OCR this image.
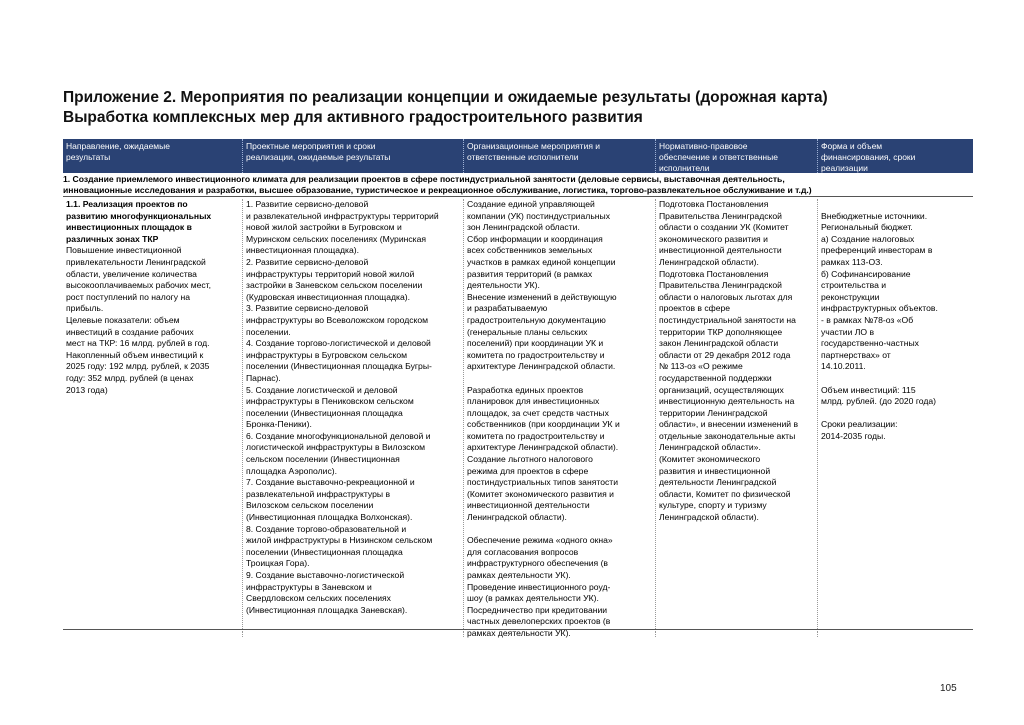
Приложение 2. Мероприятия по реализации концепции и ожидаемые результаты (дорожная карта)
Выработка комплексных мер для активного градостроительного развития
Направление, ожидаемые
результаты
Проектные мероприятия и сроки
реализации, ожидаемые результаты
Организационные мероприятия и
ответственные исполнители
Нормативно-правовое
обеспечение и ответственные
исполнители
Форма и объем
финансирования, сроки
реализации
1. Создание приемлемого инвестиционного климата для реализации проектов в сфере постиндустриальной занятости (деловые сервисы, выставочная деятельность,
инновационные исследования и разработки, высшее образование, туристическое и рекреационное обслуживание, логистика, торгово-развлекательное обслуживание и т.д.)
1.1. Реализация проектов по
развитию многофункциональных
инвестиционных площадок в
различных зонах ТКР
Повышение инвестиционной
привлекательности Ленинградской
области, увеличение количества
высокооплачиваемых рабочих мест,
рост поступлений по налогу на
прибыль.
Целевые показатели: объем
инвестиций в создание рабочих
мест на ТКР: 16 млрд. рублей в год.
Накопленный объем инвестиций к
2025 году: 192 млрд. рублей, к 2035
году: 352 млрд. рублей (в ценах
2013 года)
1. Развитие сервисно-деловой
и развлекательной инфраструктуры территорий
новой жилой застройки в Бугровском и
Муринском сельских поселениях (Муринская
инвестиционная площадка).
2. Развитие сервисно-деловой
инфраструктуры территорий новой жилой
застройки в Заневском сельском поселении
(Кудровская инвестиционная площадка).
3. Развитие сервисно-деловой
инфраструктуры во Всеволожском городском
поселении.
4. Создание торгово-логистической и деловой
инфраструктуры в Бугровском сельском
поселении (Инвестиционная площадка Бугры-
Парнас).
5. Создание логистической и деловой
инфраструктуры в Пениковском сельском
поселении (Инвестиционная площадка
Бронка-Пеники).
6. Создание многофункциональной деловой и
логистической инфраструктуры в Вилозском
сельском поселении (Инвестиционная
площадка Аэрополис).
7. Создание выставочно-рекреационной и
развлекательной инфраструктуры в
Вилозском сельском поселении
(Инвестиционная площадка Волхонская).
8. Создание торгово-образовательной и
жилой инфраструктуры в Низинском сельском
поселении (Инвестиционная площадка
Троицкая Гора).
9. Создание выставочно-логистической
инфраструктуры в Заневском и
Свердловском сельских поселениях
(Инвестиционная площадка Заневская).
Создание единой управляющей
компании (УК) постиндустриальных
зон Ленинградской области.
Сбор информации и координация
всех собственников земельных
участков в рамках единой концепции
развития территорий (в рамках
деятельности УК).
Внесение изменений в действующую
и разрабатываемую
градостроительную документацию
(генеральные планы сельских
поселений) при координации УК и
комитета по градостроительству и
архитектуре Ленинградской области.
Разработка единых проектов
планировок для инвестиционных
площадок, за счет средств частных
собственников (при координации УК и
комитета по градостроительству и
архитектуре Ленинградской области).
Создание льготного налогового
режима для проектов в сфере
постиндустриальных типов занятости
(Комитет экономического развития и
инвестиционной деятельности
Ленинградской области).
Обеспечение режима «одного окна»
для согласования вопросов
инфраструктурного обеспечения (в
рамках деятельности УК).
Проведение инвестиционного роуд-
шоу (в рамках деятельности УК).
Посредничество при кредитовании
частных девелоперских проектов (в
рамках деятельности УК).
Подготовка Постановления
Правительства Ленинградской
области о создании УК (Комитет
экономического развития и
инвестиционной деятельности
Ленинградской области).
Подготовка Постановления
Правительства Ленинградской
области о налоговых льготах для
проектов в сфере
постиндустриальной занятости на
территории ТКР дополняющее
закон Ленинградской области
области от 29 декабря 2012 года
№ 113-оз «О режиме
государственной поддержки
организаций, осуществляющих
инвестиционную деятельность на
территории Ленинградской
области», и внесении изменений в
отдельные законодательные акты
Ленинградской области».
(Комитет экономического
развития и инвестиционной
деятельности Ленинградской
области, Комитет по физической
культуре, спорту и туризму
Ленинградской области).
Внебюджетные источники.
Региональный бюджет.
а) Создание налоговых
преференций инвесторам в
рамках 113-ОЗ.
б) Софинансирование
строительства и
реконструкции
инфраструктурных объектов.
- в рамках №78-оз «Об
участии ЛО в
государственно-частных
партнерствах» от
14.10.2011.
Объем инвестиций: 115
млрд. рублей. (до 2020 года)
Сроки реализации:
2014-2035 годы.
105
